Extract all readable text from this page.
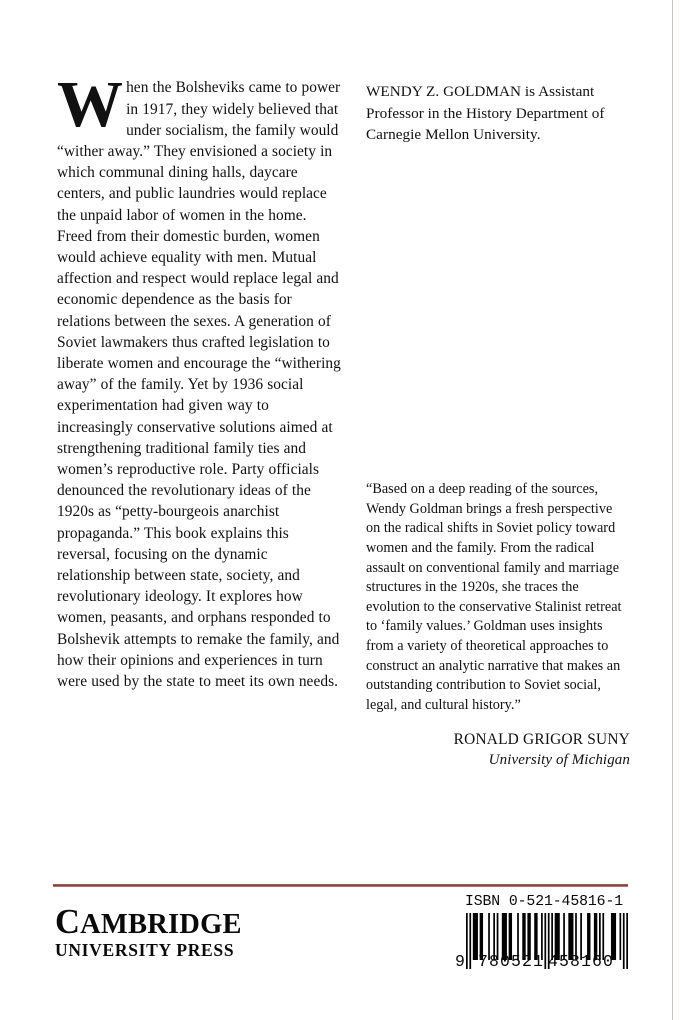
When the Bolsheviks came to power in 1917, they widely believed that under socialism, the family would “wither away.” They envisioned a society in which communal dining halls, daycare centers, and public laundries would replace the unpaid labor of women in the home. Freed from their domestic burden, women would achieve equality with men. Mutual affection and respect would replace legal and economic dependence as the basis for relations between the sexes. A generation of Soviet lawmakers thus crafted legislation to liberate women and encourage the “withering away” of the family. Yet by 1936 social experimentation had given way to increasingly conservative solutions aimed at strengthening traditional family ties and women’s reproductive role. Party officials denounced the revolutionary ideas of the 1920s as “petty-bourgeois anarchist propaganda.” This book explains this reversal, focusing on the dynamic relationship between state, society, and revolutionary ideology. It explores how women, peasants, and orphans responded to Bolshevik attempts to remake the family, and how their opinions and experiences in turn were used by the state to meet its own needs.

WENDY Z. GOLDMAN is Assistant Professor in the History Department of Carnegie Mellon University.

“Based on a deep reading of the sources, Wendy Goldman brings a fresh perspective on the radical shifts in Soviet policy toward women and the family. From the radical assault on conventional family and marriage structures in the 1920s, she traces the evolution to the conservative Stalinist retreat to ‘family values.’ Goldman uses insights from a variety of theoretical approaches to construct an analytic narrative that makes an outstanding contribution to Soviet social, legal, and cultural history.”

RONALD GRIGOR SUNY
University of Michigan
CAMBRIDGE
UNIVERSITY PRESS
ISBN 0-521-45816-1
9 780521 458160
